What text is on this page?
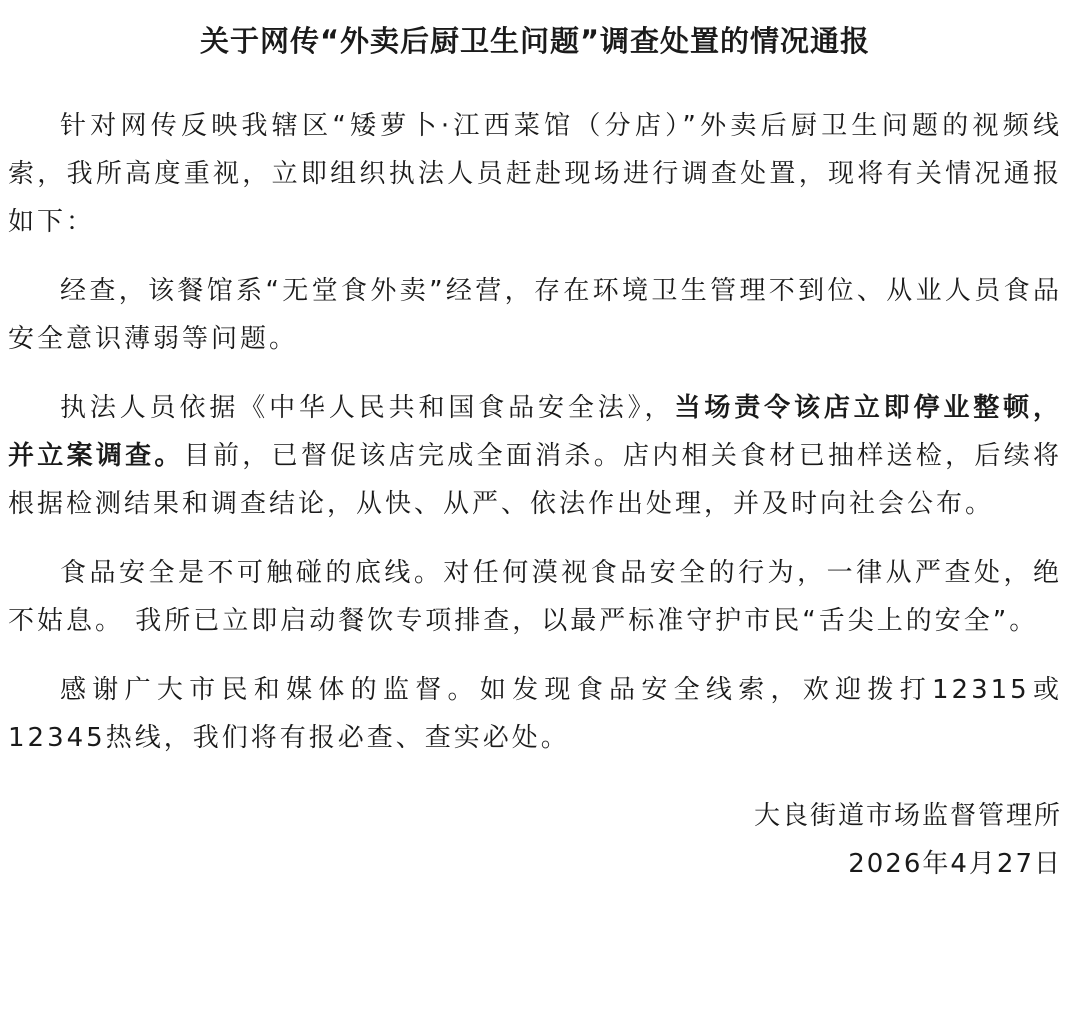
关于网传“外卖后厨卫生问题”调查处置的情况通报

针对网传反映我辖区“矮萝卜·江西菜馆（分店）”外卖后厨卫生问题的视频线索，我所高度重视，立即组织执法人员赶赴现场进行调查处置，现将有关情况通报如下：

经查，该餐馆系“无堂食外卖”经营，存在环境卫生管理不到位、从业人员食品安全意识薄弱等问题。

执法人员依据《中华人民共和国食品安全法》，当场责令该店立即停业整顿，并立案调查。目前，已督促该店完成全面消杀。店内相关食材已抽样送检，后续将根据检测结果和调查结论，从快、从严、依法作出处理，并及时向社会公布。

食品安全是不可触碰的底线。对任何漠视食品安全的行为，一律从严查处，绝不姑息。 我所已立即启动餐饮专项排查，以最严标准守护市民“舌尖上的安全”。

感谢广大市民和媒体的监督。如发现食品安全线索，欢迎拨打12315或12345热线，我们将有报必查、查实必处。

大良街道市场监督管理所

2026年4月27日
